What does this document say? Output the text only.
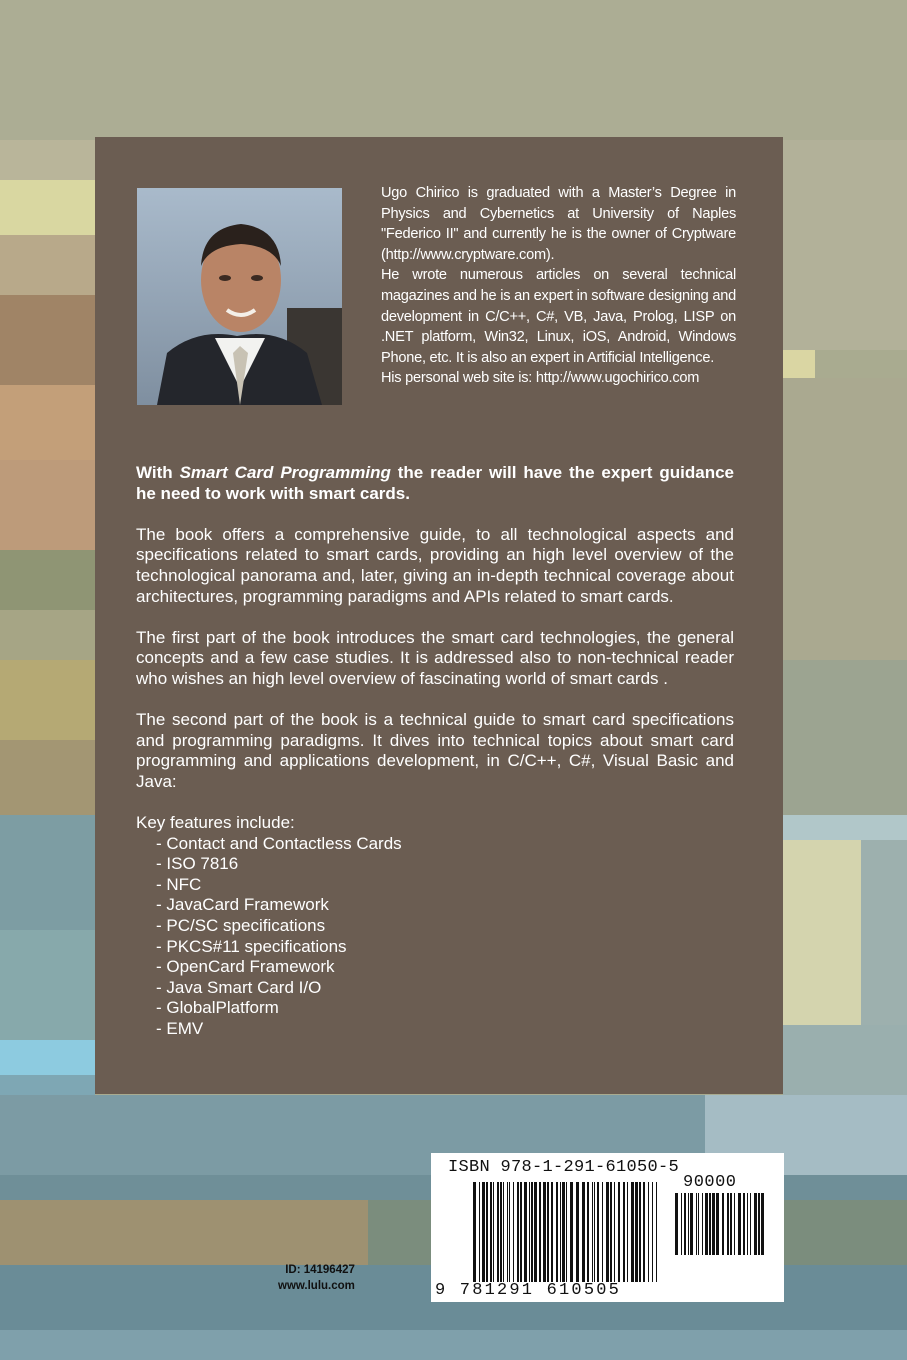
Ugo Chirico is graduated with a Master’s Degree in Physics and Cybernetics at University of Naples "Federico II" and currently he is the owner of Cryptware (http://www.cryptware.com).

He wrote numerous articles on several technical magazines and he is an expert in software designing and development in C/C++, C#, VB, Java, Prolog, LISP on .NET platform, Win32, Linux, iOS, Android, Windows Phone, etc. It is also an expert in Artificial Intelligence.

His personal web site is: http://www.ugochirico.com

With Smart Card Programming the reader will have the expert guidance he need to work with smart cards.

The book offers a comprehensive guide, to all technological aspects and specifications related to smart cards, providing an high level overview of the technological panorama and, later, giving an in-depth technical coverage about architectures, programming paradigms and APIs related to smart cards.

The first part of the book introduces the smart card technologies, the general concepts and a few case studies. It is addressed also to non-technical reader who wishes an high level overview of fascinating world of smart cards .

The second part of the book is a technical guide to smart card specifications and programming paradigms. It dives into technical topics about smart card programming and applications development, in C/C++, C#, Visual Basic and Java:

Key features include:
- Contact and Contactless Cards
- ISO 7816
- NFC
- JavaCard Framework
- PC/SC specifications
- PKCS#11 specifications
- OpenCard Framework
- Java Smart Card I/O
- GlobalPlatform
- EMV
ID: 14196427
www.lulu.com
ISBN 978-1-291-61050-5
90000
9 781291 610505
